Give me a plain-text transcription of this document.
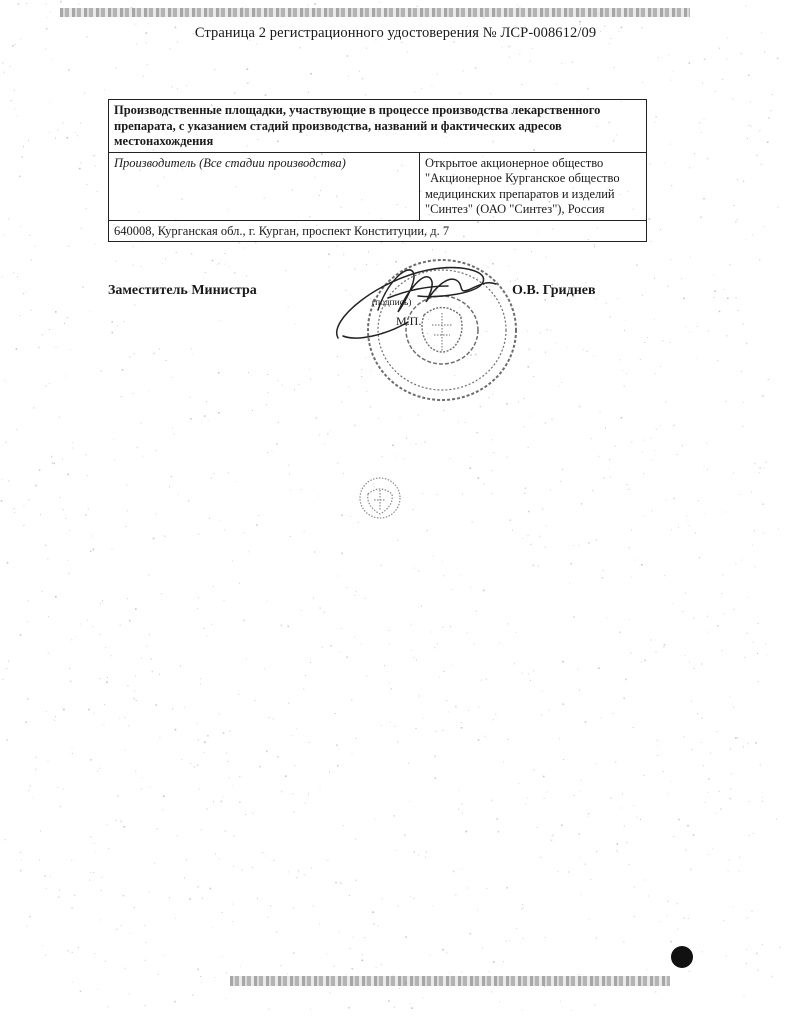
Страница 2 регистрационного удостоверения № ЛСР-008612/09
Производственные площадки, участвующие в процессе производства лекарственного препарата, с указанием стадий производства, названий и фактических адресов местонахождения
Производитель (Все стадии производства)	Открытое акционерное общество
"Акционерное Курганское общество
медицинских препаратов и изделий
"Синтез" (ОАО "Синтез"), Россия
640008, Курганская обл., г. Курган, проспект Конституции, д. 7
Заместитель Министра	О.В. Гриднев
(подпись)
М.П.
